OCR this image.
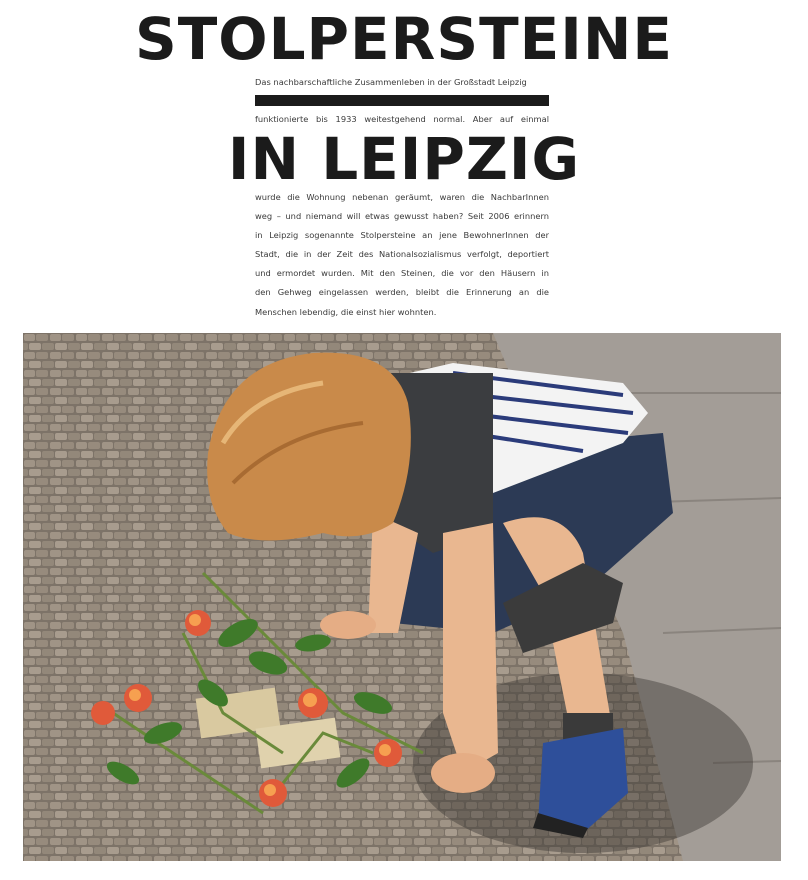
STOLPERSTEINE

Das nachbarschaftliche Zusammenleben in der Großstadt Leipzig

funktionierte bis 1933 weitestgehend normal. Aber auf einmal

IN LEIPZIG
wurde die Wohnung nebenan geräumt, waren die NachbarInnen
weg – und niemand will etwas gewusst haben? Seit 2006 erinnern
in Leipzig sogenannte Stolpersteine an jene BewohnerInnen der
Stadt, die in der Zeit des Nationalsozialismus verfolgt, deportiert
und ermordet wurden. Mit den Steinen, die vor den Häusern in
den Gehweg eingelassen werden, bleibt die Erinnerung an die
Menschen lebendig, die einst hier wohnten.
